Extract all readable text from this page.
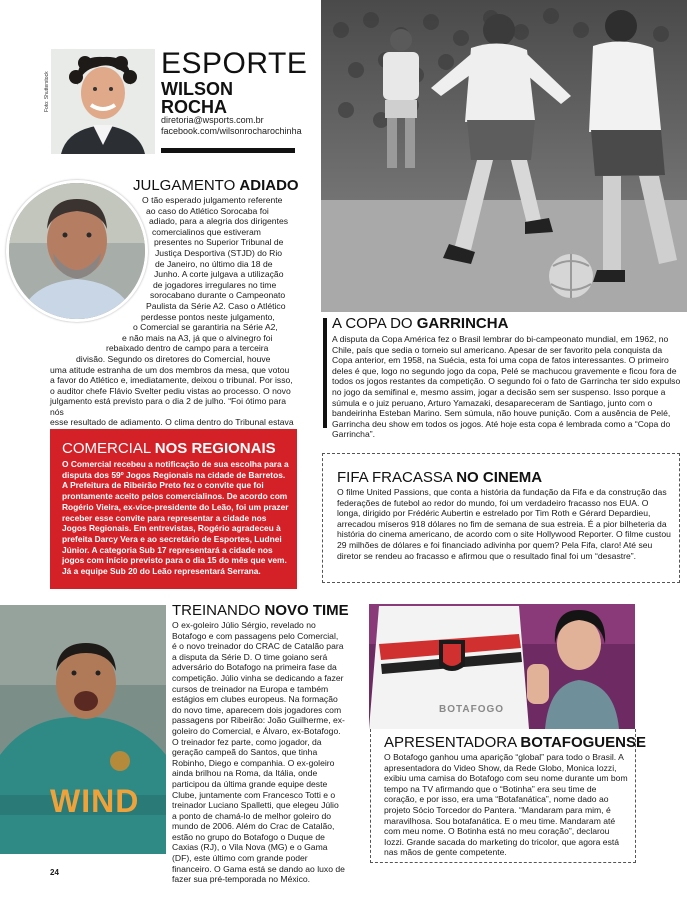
Foto: Shutterstock
ESPORTE
WILSON
ROCHA
diretoria@wsports.com.br
facebook.com/wilsonrocharochinha
JULGAMENTO ADIADO
O tão esperado julgamento referente
ao caso do Atlético Sorocaba foi
adiado, para a alegria dos dirigentes
comercialinos que estiveram
presentes no Superior Tribunal de
Justiça Desportiva (STJD) do Rio
de Janeiro, no último dia 18 de
Junho. A corte julgava a utilização
de jogadores irregulares no time
sorocabano durante o Campeonato
Paulista da Série A2. Caso o Atlético
perdesse pontos neste julgamento,
o Comercial se garantiria na Série A2,
e não mais na A3, já que o alvinegro foi
rebaixado dentro de campo para a terceira
divisão. Segundo os diretores do Comercial, houve
uma atitude estranha de um dos membros da mesa, que votou
a favor do Atlético e, imediatamente, deixou o tribunal. Por isso,
o auditor chefe Flávio Svelter pediu vistas ao processo. O novo
julgamento está previsto para o dia 2 de julho. “Foi ótimo para nós
esse resultado de adiamento. O clima dentro do Tribunal estava
A COPA DO GARRINCHA
A disputa da Copa América fez o Brasil lembrar do bi-campeonato mundial, em 1962, no Chile, país que sedia o torneio sul americano. Apesar de ser favorito pela conquista da Copa anterior, em 1958, na Suécia, esta foi uma copa de fatos interessantes. O primeiro deles é que, logo no segundo jogo da copa, Pelé se machucou gravemente e ficou fora de todos os jogos restantes da competição. O segundo foi o fato de Garrincha ter sido expulso no jogo da semifinal e, mesmo assim, jogar a decisão sem ser suspenso. Isso porque a súmula e o juiz peruano, Arturo Yamazaki, desapareceram de Santiago, junto com o bandeirinha Esteban Marino. Sem súmula, não houve punição. Com a ausência de Pelé, Garrincha deu show em todos os jogos. Até hoje esta copa é lembrada como a “Copa do Garrincha”.
COMERCIAL NOS REGIONAIS
O Comercial recebeu a notificação de sua escolha para a disputa dos 59º Jogos Regionais na cidade de Barretos. A Prefeitura de Ribeirão Preto fez o convite que foi prontamente aceito pelos comercialinos. De acordo com Rogério Vieira, ex-vice-presidente do Leão, foi um prazer receber esse convite para representar a cidade nos Jogos Regionais. Em entrevistas, Rogério agradeceu à prefeita Darcy Vera e ao secretário de Esportes, Ludnei Júnior. A categoria Sub 17 representará a cidade nos jogos com início previsto para o dia 15 do mês que vem. Já a equipe Sub 20 do Leão representará Serrana.
FIFA FRACASSA NO CINEMA
O filme United Passions, que conta a história da fundação da Fifa e da construção das federações de futebol ao redor do mundo, foi um verdadeiro fracasso nos EUA. O longa, dirigido por Frédéric Aubertin e estrelado por Tim Roth e Gérard Depardieu, arrecadou míseros 918 dólares no fim de semana de sua estreia. É a pior bilheteria da história do cinema americano, de acordo com o site Hollywood Reporter. O filme custou 29 milhões de dólares e foi financiado adivinha por quem? Pela Fifa, claro! Até seu diretor se rendeu ao fracasso e afirmou que o resultado final foi um “desastre”.
WIND
TREINANDO NOVO TIME
O ex-goleiro Júlio Sérgio, revelado no Botafogo e com passagens pelo Comercial, é o novo treinador do CRAC de Catalão para a disputa da Série D. O time goiano será adversário do Botafogo na primeira fase da competição. Júlio vinha se dedicando a fazer cursos de treinador na Europa e também estágios em clubes europeus. Na formação do novo time, aparecem dois jogadores com passagens por Ribeirão: João Guilherme, ex-goleiro do Comercial, e Álvaro, ex-Botafogo. O treinador fez parte, como jogador, da geração campeã do Santos, que tinha Robinho, Diego e companhia. O ex-goleiro ainda brilhou na Roma, da Itália, onde participou da última grande equipe deste Clube, juntamente com Francesco Totti e o treinador Luciano Spalletti, que elegeu Júlio a ponto de chamá-lo de melhor goleiro do mundo de 2006. Além do Crac de Catalão, estão no grupo do Botafogo o Duque de Caxias (RJ), o Vila Nova (MG) e o Gama (DF), este último com grande poder financeiro. O Gama está se dando ao luxo de fazer sua pré-temporada no México.
BOTAFOGO
APRESENTADORA BOTAFOGUENSE
O Botafogo ganhou uma aparição “global” para todo o Brasil. A apresentadora do Video Show, da Rede Globo, Monica Iozzi, exibiu uma camisa do Botafogo com seu nome durante um bom tempo na TV afirmando que o “Botinha” era seu time de coração, e por isso, era uma “Botafanática”, nome dado ao projeto Sócio Torcedor do Pantera. “Mandaram para mim, é maravilhosa. Sou botafanática. E o meu time. Mandaram até com meu nome. O Botinha está no meu coração”, declarou Iozzi. Grande sacada do marketing do tricolor, que agora está nas mãos de gente competente.
24
